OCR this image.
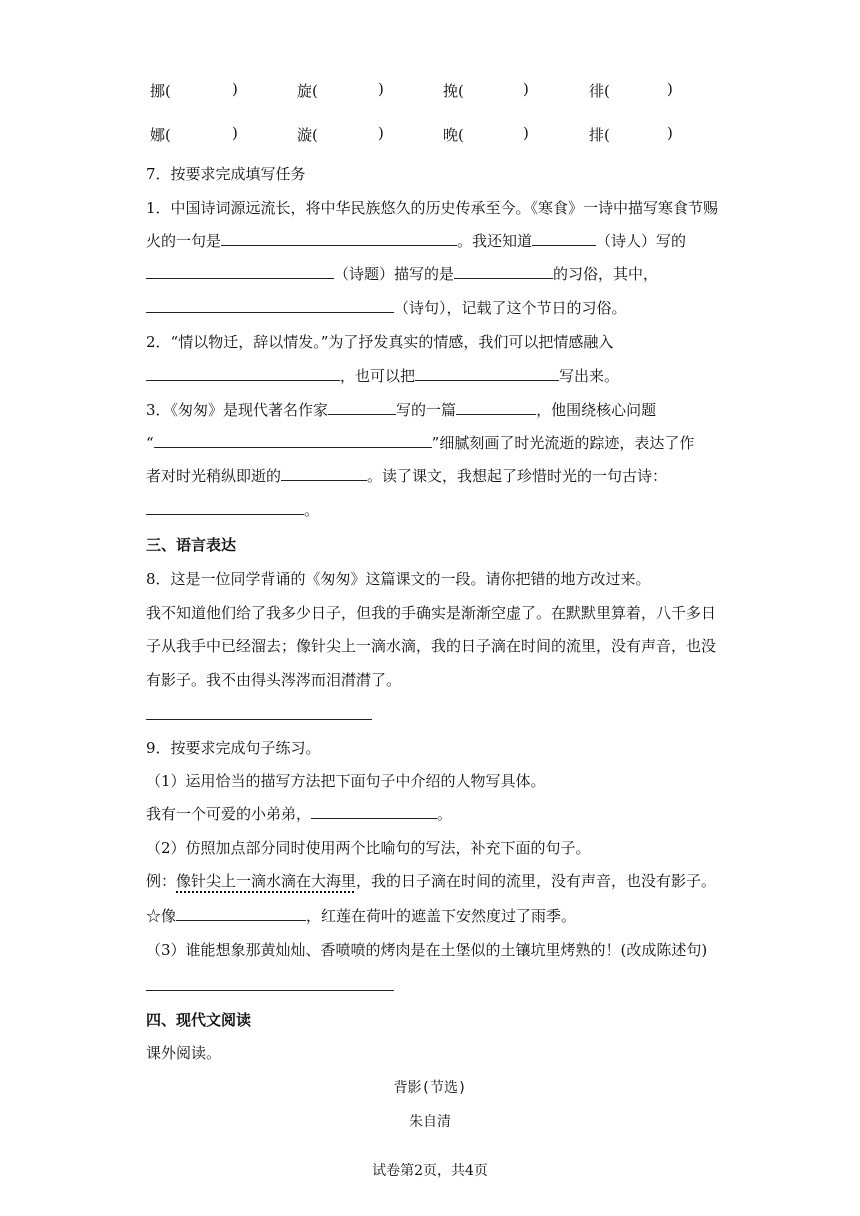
挪(	)	旋(	)	挽(	)	徘(	)
娜(	)	漩(	)	晚(	)	排(	)
7．按要求完成填写任务
1．中国诗词源远流长，将中华民族悠久的历史传承至今。《寒食》一诗中描写寒食节赐
火的一句是	。我还知道	（诗人）写的
（诗题）描写的是	的习俗，其中，
（诗句），记载了这个节日的习俗。
2．“情以物迁，辞以情发。”为了抒发真实的情感，我们可以把情感融入
，也可以把	写出来。
3．《匆匆》是现代著名作家	写的一篇	，他围绕核心问题
“	”细腻刻画了时光流逝的踪迹，表达了作
者对时光稍纵即逝的	。读了课文，我想起了珍惜时光的一句古诗：
。
三、语言表达
8．这是一位同学背诵的《匆匆》这篇课文的一段。请你把错的地方改过来。
我不知道他们给了我多少日子，但我的手确实是渐渐空虚了。在默默里算着，八千多日
子从我手中已经溜去；像针尖上一滴水滴，我的日子滴在时间的流里，没有声音，也没
有影子。我不由得头涔涔而泪潸潸了。
9．按要求完成句子练习。
（1）运用恰当的描写方法把下面句子中介绍的人物写具体。
我有一个可爱的小弟弟，	。
（2）仿照加点部分同时使用两个比喻句的写法，补充下面的句子。
例：像针尖上一滴水滴在大海里，我的日子滴在时间的流里，没有声音，也没有影子。
☆像	，红莲在荷叶的遮盖下安然度过了雨季。
（3）谁能想象那黄灿灿、香喷喷的烤肉是在土堡似的土镶坑里烤熟的！(改成陈述句)
四、现代文阅读
课外阅读。
背影(节选)
朱自清
试卷第2页，共4页
